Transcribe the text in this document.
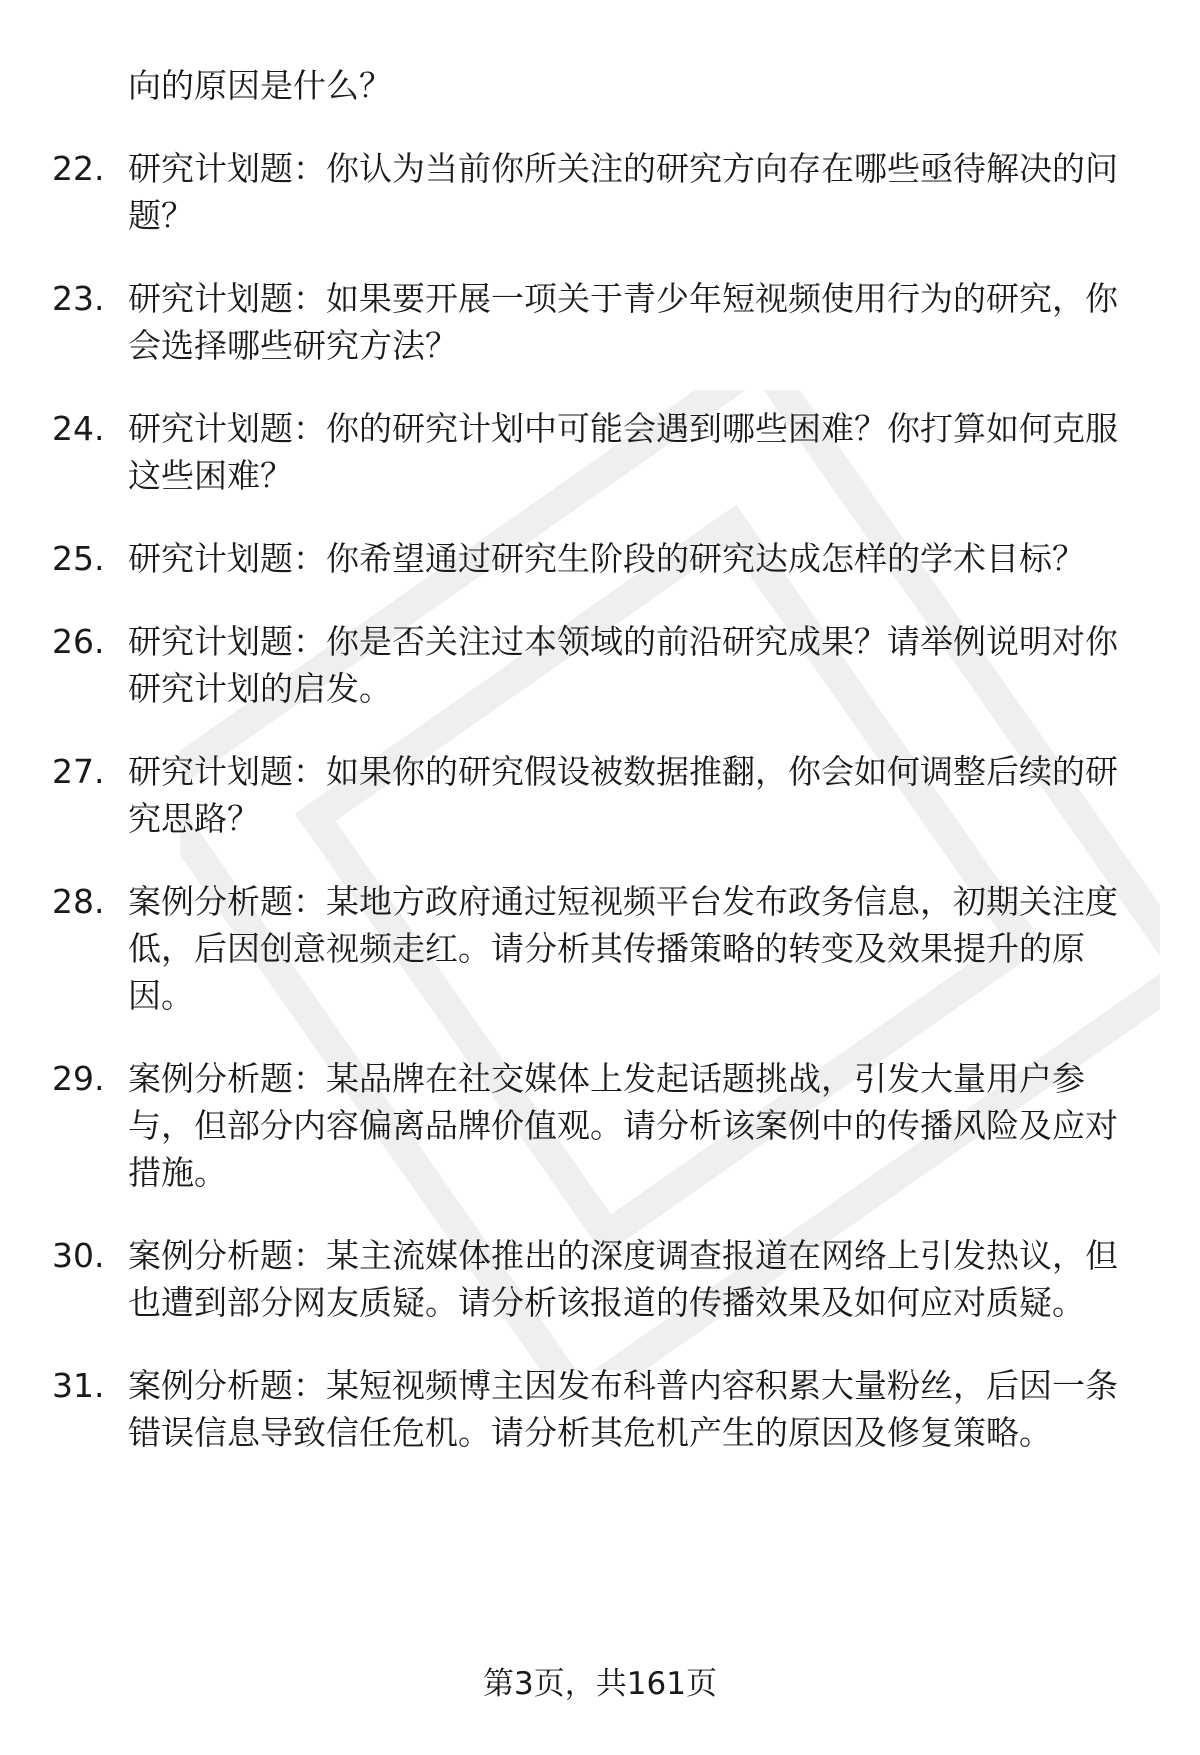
向的原因是什么？
22. 研究计划题：你认为当前你所关注的研究方向存在哪些亟待解决的问题？
23. 研究计划题：如果要开展一项关于青少年短视频使用行为的研究，你会选择哪些研究方法？
24. 研究计划题：你的研究计划中可能会遇到哪些困难？你打算如何克服这些困难？
25. 研究计划题：你希望通过研究生阶段的研究达成怎样的学术目标？
26. 研究计划题：你是否关注过本领域的前沿研究成果？请举例说明对你研究计划的启发。
27. 研究计划题：如果你的研究假设被数据推翻，你会如何调整后续的研究思路？
28. 案例分析题：某地方政府通过短视频平台发布政务信息，初期关注度低，后因创意视频走红。请分析其传播策略的转变及效果提升的原因。
29. 案例分析题：某品牌在社交媒体上发起话题挑战，引发大量用户参与，但部分内容偏离品牌价值观。请分析该案例中的传播风险及应对措施。
30. 案例分析题：某主流媒体推出的深度调查报道在网络上引发热议，但也遭到部分网友质疑。请分析该报道的传播效果及如何应对质疑。
31. 案例分析题：某短视频博主因发布科普内容积累大量粉丝，后因一条错误信息导致信任危机。请分析其危机产生的原因及修复策略。
第3页，共161页
